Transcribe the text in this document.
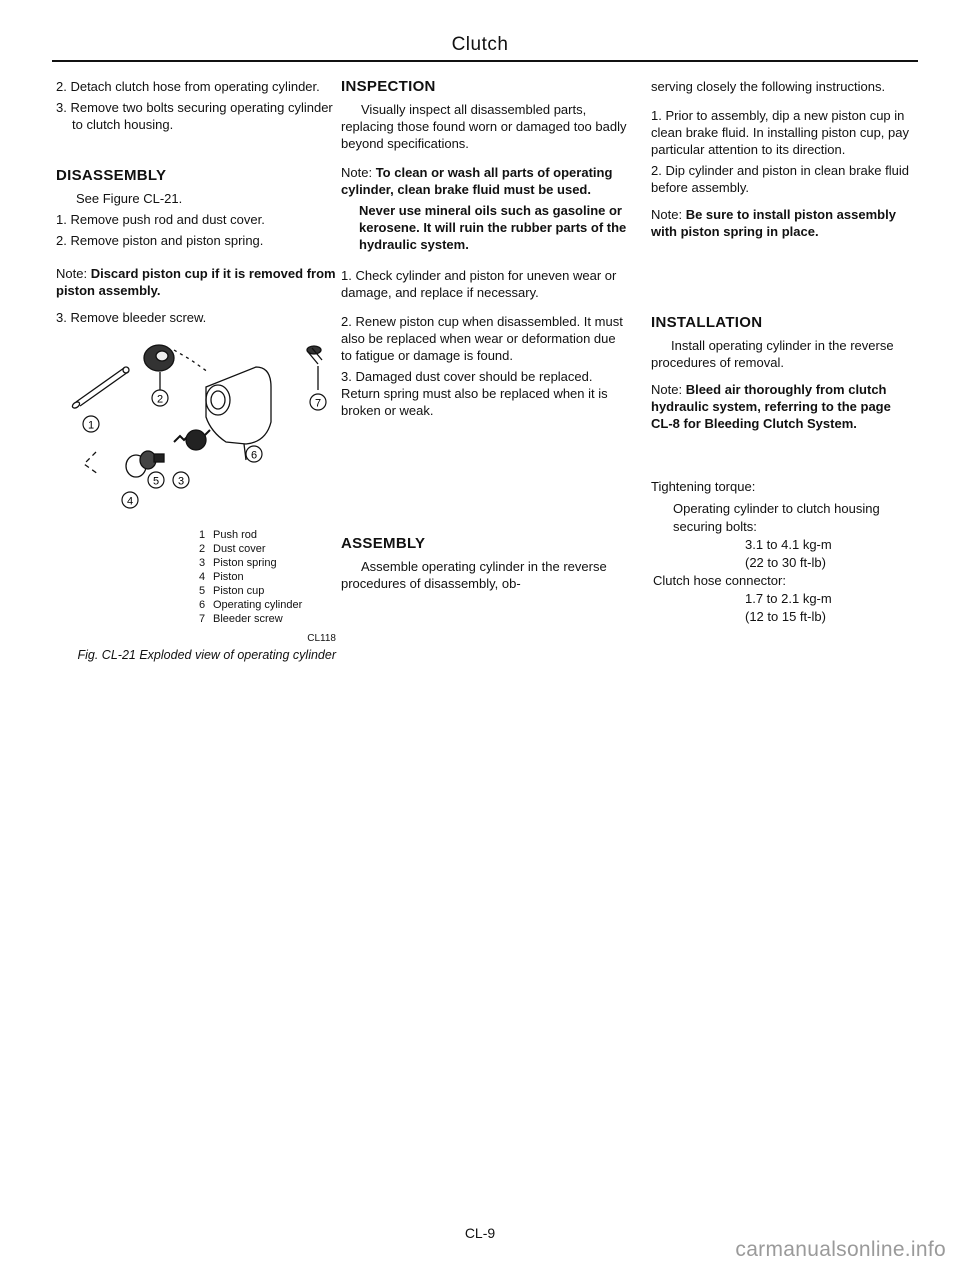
Clutch

2. Detach clutch hose from operating cylinder.

3. Remove two bolts securing operating cylinder to clutch housing.

DISASSEMBLY

See Figure CL-21.

1. Remove push rod and dust cover.

2. Remove piston and piston spring.

Note: Discard piston cup if it is removed from piston assembly.

3. Remove bleeder screw.

1
2
3
4
5
6
7
1 Push rod
2 Dust cover
3 Piston spring
4 Piston
5 Piston cup
6 Operating cylinder
7 Bleeder screw
CL118
Fig. CL-21 Exploded view of operating cylinder
INSPECTION

Visually inspect all disassembled parts, replacing those found worn or damaged too badly beyond specifications.

Note: To clean or wash all parts of operating cylinder, clean brake fluid must be used.

Never use mineral oils such as gasoline or kerosene. It will ruin the rubber parts of the hydraulic system.

1. Check cylinder and piston for uneven wear or damage, and replace if necessary.

2. Renew piston cup when disassembled. It must also be replaced when wear or deformation due to fatigue or damage is found.

3. Damaged dust cover should be replaced. Return spring must also be replaced when it is broken or weak.

ASSEMBLY

Assemble operating cylinder in the reverse procedures of disassembly, ob-

serving closely the following instructions.

1. Prior to assembly, dip a new piston cup in clean brake fluid. In installing piston cup, pay particular attention to its direction.

2. Dip cylinder and piston in clean brake fluid before assembly.

Note: Be sure to install piston assembly with piston spring in place.

INSTALLATION

Install operating cylinder in the reverse procedures of removal.

Note: Bleed air thoroughly from clutch hydraulic system, referring to the page CL-8 for Bleeding Clutch System.

Tightening torque:
Operating cylinder to clutch housing securing bolts:
3.1 to 4.1 kg-m
(22 to 30 ft-lb)
Clutch hose connector:
1.7 to 2.1 kg-m
(12 to 15 ft-lb)
CL-9
carmanualsonline.info
